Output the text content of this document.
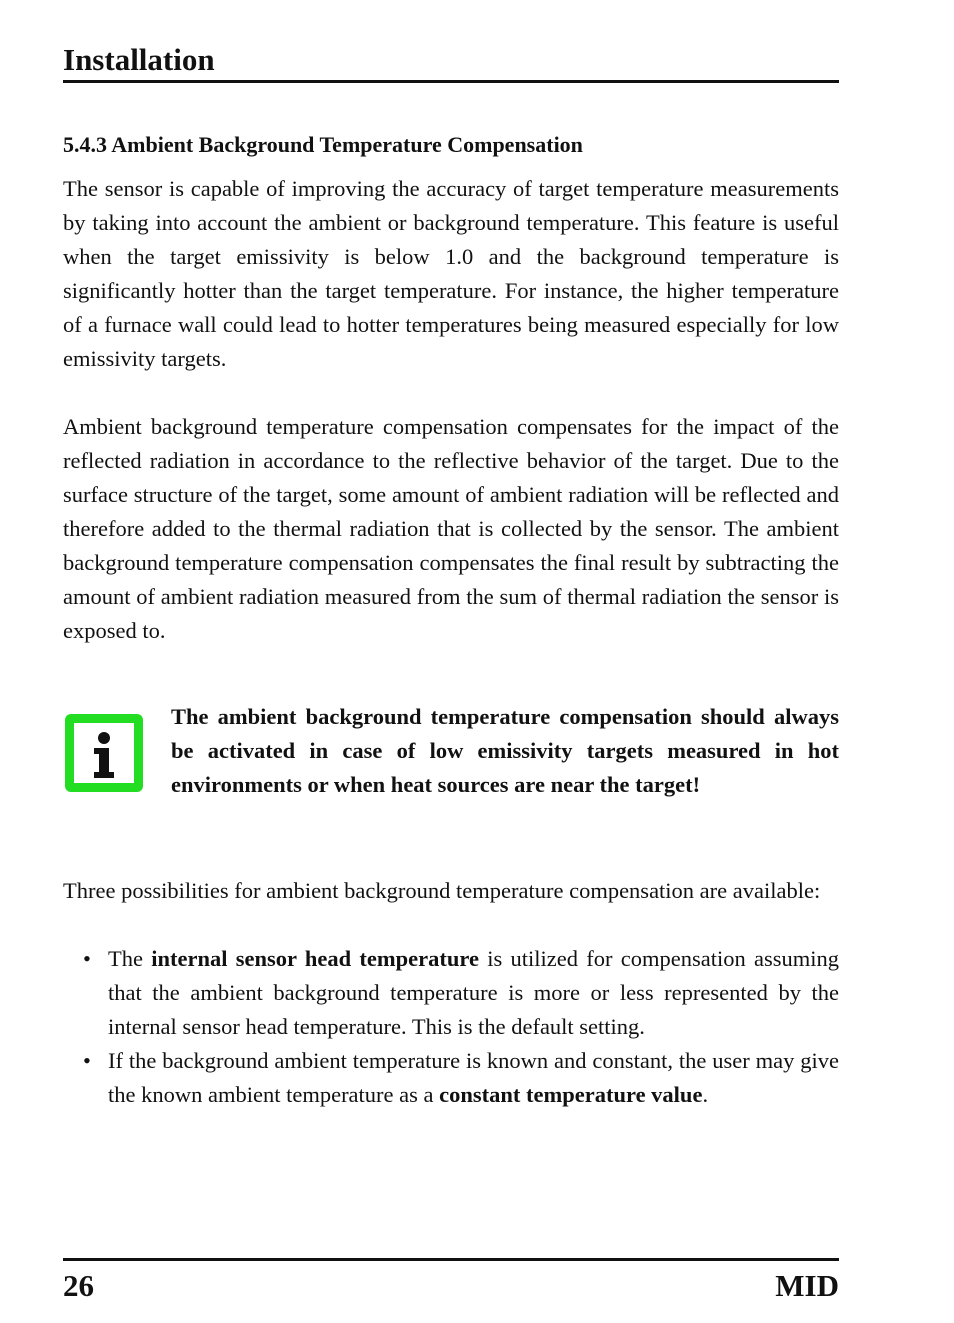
Installation
5.4.3 Ambient Background Temperature Compensation

The sensor is capable of improving the accuracy of target temperature measurements by taking into account the ambient or background temperature. This feature is useful when the target emissivity is below 1.0 and the background temperature is significantly hotter than the target temperature. For instance, the higher temperature of a furnace wall could lead to hotter temperatures being measured especially for low emissivity targets.

Ambient background temperature compensation compensates for the impact of the reflected radiation in accordance to the reflective behavior of the target. Due to the surface structure of the target, some amount of ambient radiation will be reflected and therefore added to the thermal radiation that is collected by the sensor. The ambient background temperature compensation compensates the final result by subtracting the amount of ambient radiation measured from the sum of thermal radiation the sensor is exposed to.

The ambient background temperature compensation should always be activated in case of low emissivity targets measured in hot environments or when heat sources are near the target!

Three possibilities for ambient background temperature compensation are available:

• The internal sensor head temperature is utilized for compensation assuming that the ambient background temperature is more or less represented by the internal sensor head temperature. This is the default setting.

• If the background ambient temperature is known and constant, the user may give the known ambient temperature as a constant temperature value.

26	MID
